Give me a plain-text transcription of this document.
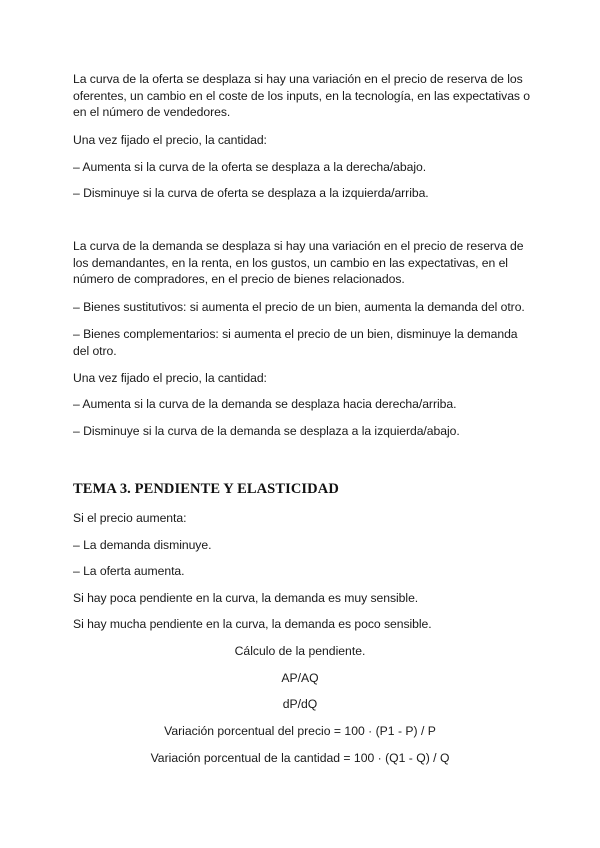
La curva de la oferta se desplaza si hay una variación en el precio de reserva de los oferentes, un cambio en el coste de los inputs, en la tecnología, en las expectativas o en el número de vendedores.

Una vez fijado el precio, la cantidad:

– Aumenta si la curva de la oferta se desplaza a la derecha/abajo.

– Disminuye si la curva de oferta se desplaza a la izquierda/arriba.

La curva de la demanda se desplaza si hay una variación en el precio de reserva de los demandantes, en la renta, en los gustos, un cambio en las expectativas, en el número de compradores, en el precio de bienes relacionados.

– Bienes sustitutivos: si aumenta el precio de un bien, aumenta la demanda del otro.

– Bienes complementarios: si aumenta el precio de un bien, disminuye la demanda del otro.

Una vez fijado el precio, la cantidad:

– Aumenta si la curva de la demanda se desplaza hacia derecha/arriba.

– Disminuye si la curva de la demanda se desplaza a la izquierda/abajo.

TEMA 3. PENDIENTE Y ELASTICIDAD

Si el precio aumenta:

– La demanda disminuye.

– La oferta aumenta.

Si hay poca pendiente en la curva, la demanda es muy sensible.

Si hay mucha pendiente en la curva, la demanda es poco sensible.

Cálculo de la pendiente.

AP/AQ

dP/dQ

Variación porcentual del precio = 100 · (P1 - P) / P

Variación porcentual de la cantidad = 100 · (Q1 - Q) / Q
